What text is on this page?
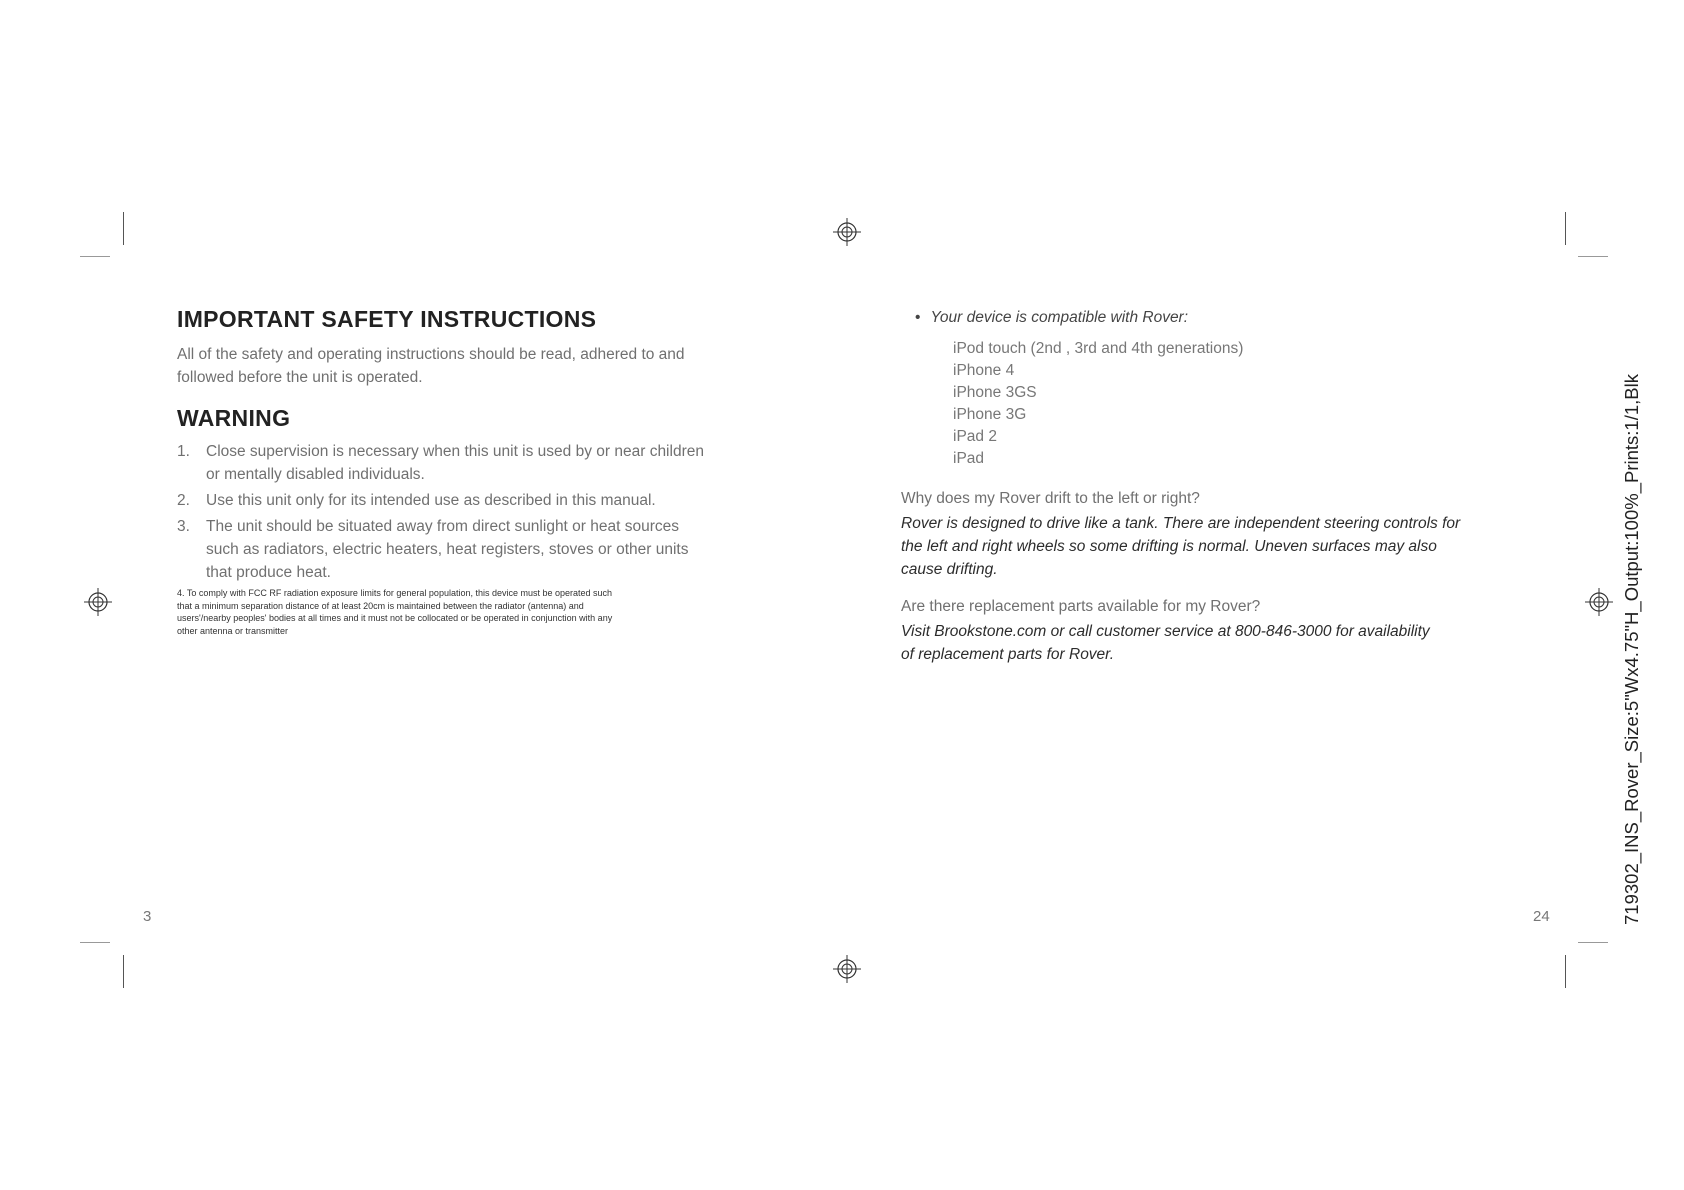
IMPORTANT SAFETY INSTRUCTIONS
All of the safety and operating instructions should be read, adhered to and
followed before the unit is operated.
WARNING
1. Close supervision is necessary when this unit is used by or near children
or mentally disabled individuals.
2. Use this unit only for its intended use as described in this manual.
3. The unit should be situated away from direct sunlight or heat sources
such as radiators, electric heaters, heat registers, stoves or other units
that produce heat.
4. To comply with FCC RF radiation exposure limits for general population, this device must be operated such
that a minimum separation distance of at least 20cm is maintained between the radiator (antenna) and
users'/nearby peoples' bodies at all times and it must not be collocated or be operated in conjunction with any
other antenna or transmitter
3
• Your device is compatible with Rover:
iPod touch (2nd , 3rd and 4th generations)
iPhone 4
iPhone 3GS
iPhone 3G
iPad 2
iPad
Why does my Rover drift to the left or right?
Rover is designed to drive like a tank. There are independent steering controls for
the left and right wheels so some drifting is normal. Uneven surfaces may also
cause drifting.
Are there replacement parts available for my Rover?
Visit Brookstone.com or call customer service at 800-846-3000 for availability
of replacement parts for Rover.
24	719302_INS_Rover_Size:5"Wx4.75"H_Output:100%_Prints:1/1,Blk
